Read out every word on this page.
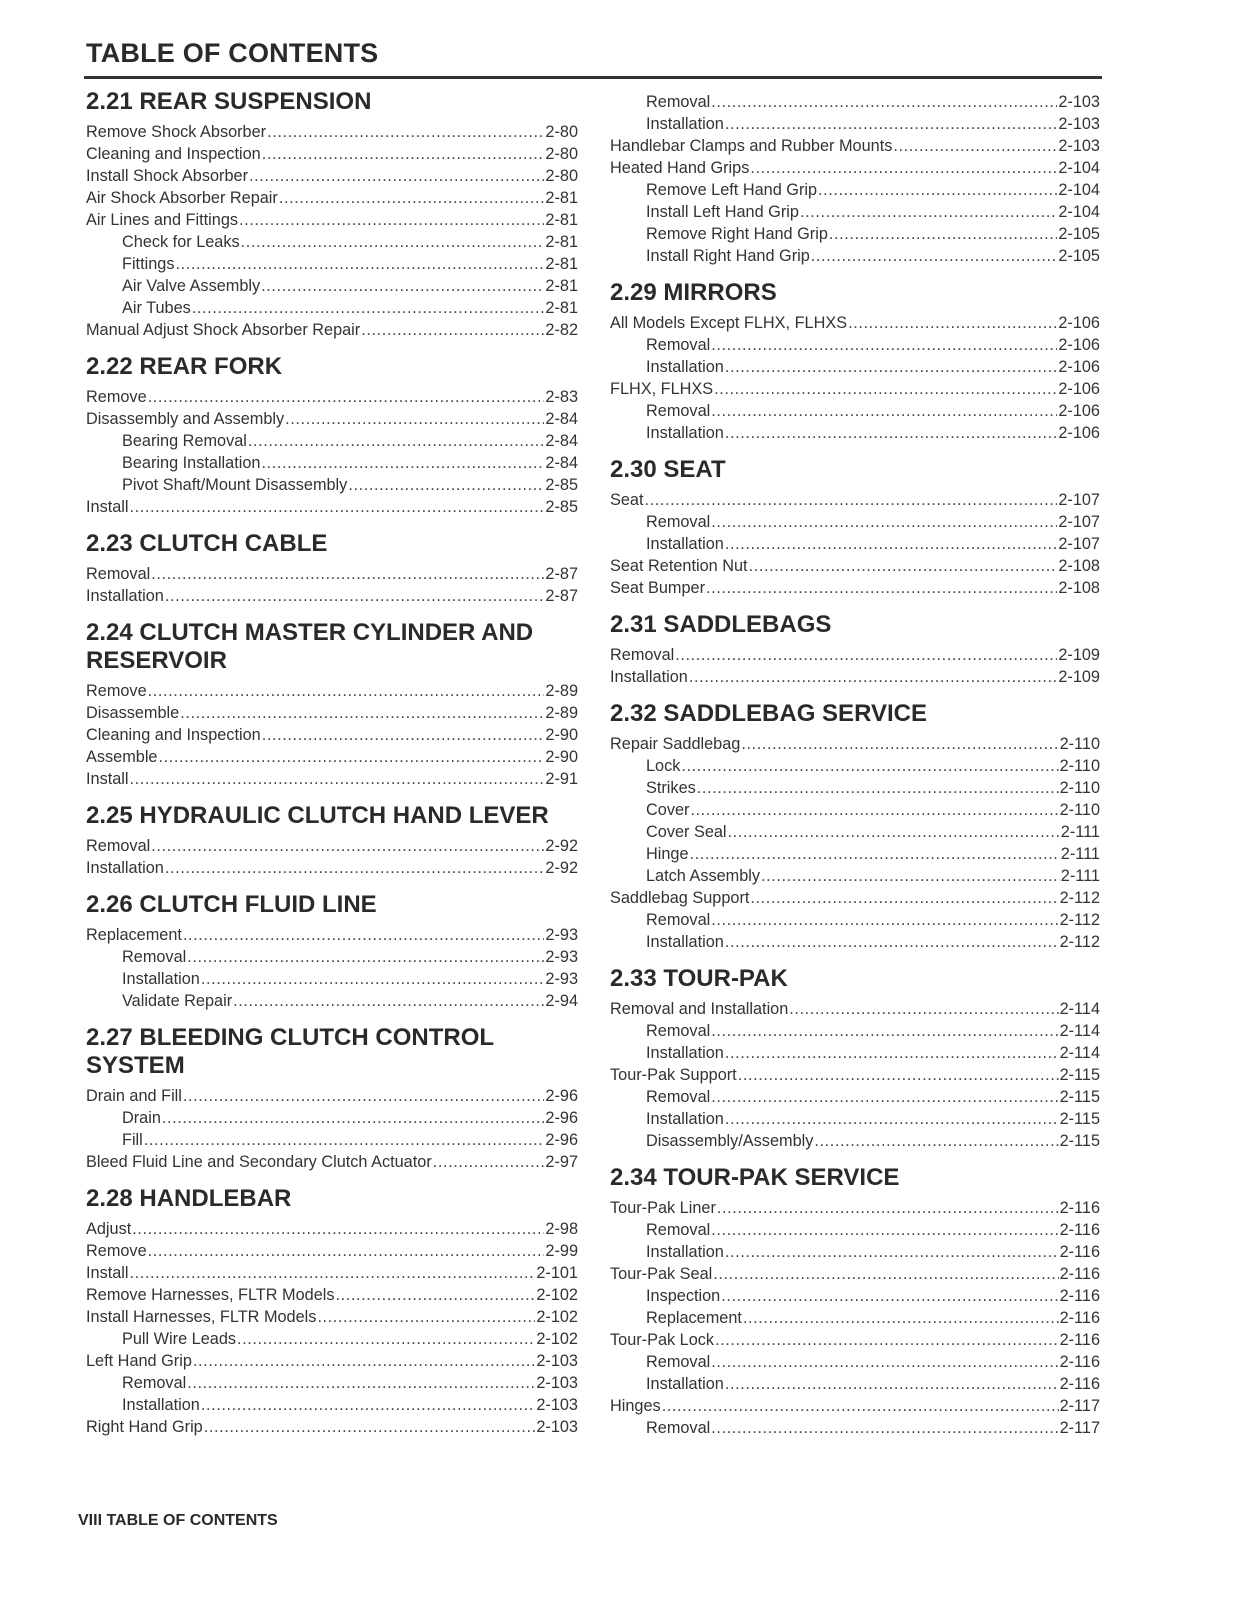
TABLE OF CONTENTS
2.21 REAR SUSPENSION
Remove Shock Absorber .....	2-80
Cleaning and Inspection .....	2-80
Install Shock Absorber .....	2-80
Air Shock Absorber Repair .....	2-81
Air Lines and Fittings .....	2-81
Check for Leaks .....	2-81
Fittings .....	2-81
Air Valve Assembly .....	2-81
Air Tubes .....	2-81
Manual Adjust Shock Absorber Repair .....	2-82
2.22 REAR FORK
Remove .....	2-83
Disassembly and Assembly .....	2-84
Bearing Removal .....	2-84
Bearing Installation .....	2-84
Pivot Shaft/Mount Disassembly .....	2-85
Install .....	2-85
2.23 CLUTCH CABLE
Removal .....	2-87
Installation .....	2-87
2.24 CLUTCH MASTER CYLINDER AND RESERVOIR
Remove .....	2-89
Disassemble .....	2-89
Cleaning and Inspection .....	2-90
Assemble .....	2-90
Install .....	2-91
2.25 HYDRAULIC CLUTCH HAND LEVER
Removal .....	2-92
Installation .....	2-92
2.26 CLUTCH FLUID LINE
Replacement .....	2-93
Removal .....	2-93
Installation .....	2-93
Validate Repair .....	2-94
2.27 BLEEDING CLUTCH CONTROL SYSTEM
Drain and Fill .....	2-96
Drain .....	2-96
Fill .....	2-96
Bleed Fluid Line and Secondary Clutch Actuator .....	2-97
2.28 HANDLEBAR
Adjust .....	2-98
Remove .....	2-99
Install .....	2-101
Remove Harnesses, FLTR Models .....	2-102
Install Harnesses, FLTR Models .....	2-102
Pull Wire Leads .....	2-102
Left Hand Grip .....	2-103
Removal .....	2-103
Installation .....	2-103
Right Hand Grip .....	2-103
Removal .....	2-103
Installation .....	2-103
Handlebar Clamps and Rubber Mounts .....	2-103
Heated Hand Grips .....	2-104
Remove Left Hand Grip .....	2-104
Install Left Hand Grip .....	2-104
Remove Right Hand Grip .....	2-105
Install Right Hand Grip .....	2-105
2.29 MIRRORS
All Models Except FLHX, FLHXS .....	2-106
Removal .....	2-106
Installation .....	2-106
FLHX, FLHXS .....	2-106
Removal .....	2-106
Installation .....	2-106
2.30 SEAT
Seat .....	2-107
Removal .....	2-107
Installation .....	2-107
Seat Retention Nut .....	2-108
Seat Bumper .....	2-108
2.31 SADDLEBAGS
Removal .....	2-109
Installation .....	2-109
2.32 SADDLEBAG SERVICE
Repair Saddlebag .....	2-110
Lock .....	2-110
Strikes .....	2-110
Cover .....	2-110
Cover Seal .....	2-111
Hinge .....	2-111
Latch Assembly .....	2-111
Saddlebag Support .....	2-112
Removal .....	2-112
Installation .....	2-112
2.33 TOUR-PAK
Removal and Installation .....	2-114
Removal .....	2-114
Installation .....	2-114
Tour-Pak Support .....	2-115
Removal .....	2-115
Installation .....	2-115
Disassembly/Assembly .....	2-115
2.34 TOUR-PAK SERVICE
Tour-Pak Liner .....	2-116
Removal .....	2-116
Installation .....	2-116
Tour-Pak Seal .....	2-116
Inspection .....	2-116
Replacement .....	2-116
Tour-Pak Lock .....	2-116
Removal .....	2-116
Installation .....	2-116
Hinges .....	2-117
Removal .....	2-117
VIII TABLE OF CONTENTS
